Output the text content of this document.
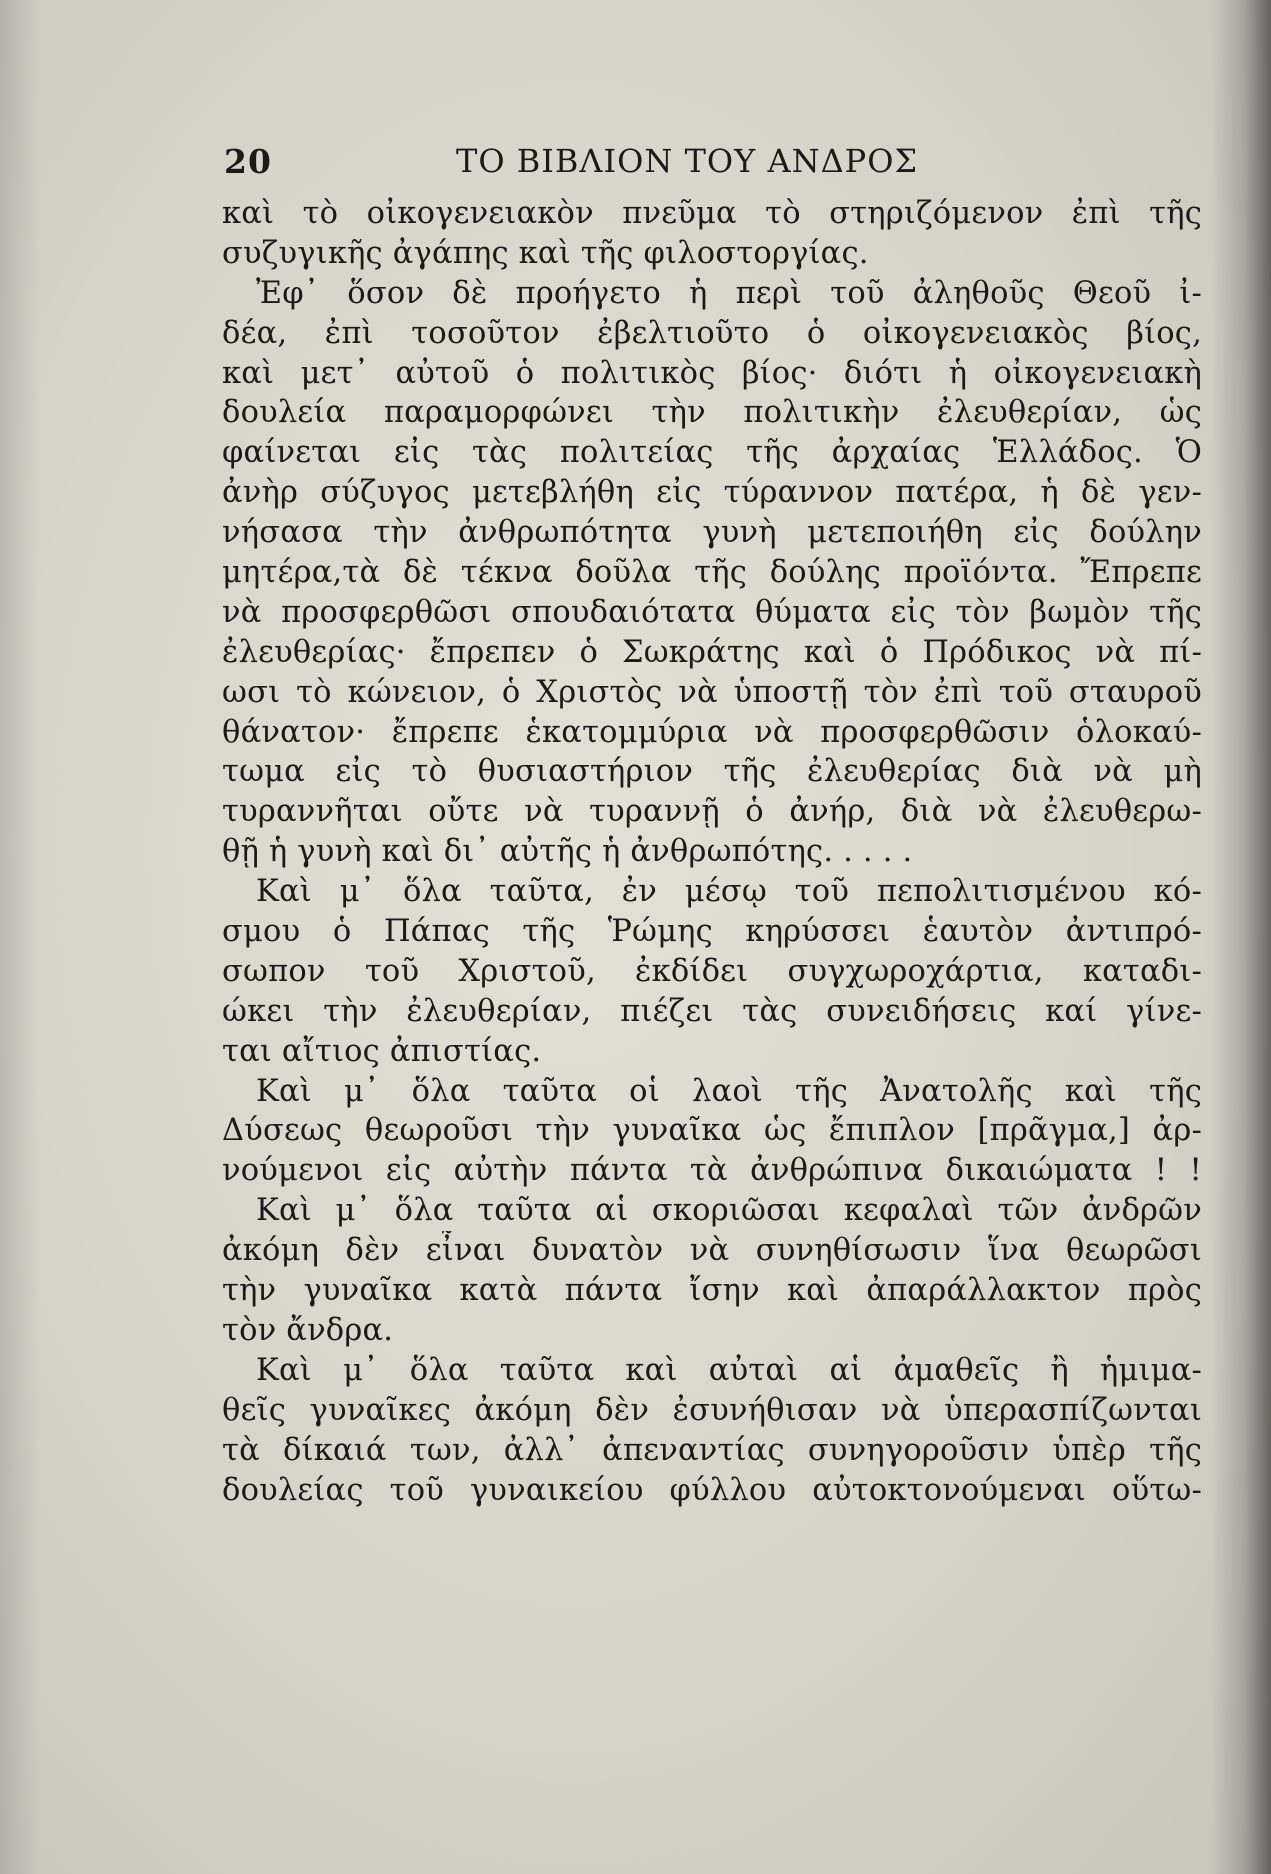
20	ΤΟ ΒΙΒΛΙΟΝ ΤΟΥ ΑΝΔΡΟΣ
καὶ τὸ οἰκογενειακὸν πνεῦμα τὸ στηριζόμενον ἐπὶ τῆς
συζυγικῆς ἀγάπης καὶ τῆς φιλοστοργίας.
Ἐφ᾽ ὅσον δὲ προήγετο ἡ περὶ τοῦ ἀληθοῦς Θεοῦ ἰ-
δέα, ἐπὶ τοσοῦτον ἐβελτιοῦτο ὁ οἰκογενειακὸς βίος,
καὶ μετ᾽ αὐτοῦ ὁ πολιτικὸς βίος· διότι ἡ οἰκογενειακὴ
δουλεία παραμορφώνει τὴν πολιτικὴν ἐλευθερίαν, ὡς
φαίνεται εἰς τὰς πολιτείας τῆς ἀρχαίας Ἑλλάδος. Ὁ
ἀνὴρ σύζυγος μετεβλήθη εἰς τύραννον πατέρα, ἡ δὲ γεν-
νήσασα τὴν ἀνθρωπότητα γυνὴ μετεποιήθη εἰς δούλην
μητέρα,τὰ δὲ τέκνα δοῦλα τῆς δούλης προϊόντα. Ἔπρεπε
νὰ προσφερθῶσι σπουδαιότατα θύματα εἰς τὸν βωμὸν τῆς
ἐλευθερίας· ἔπρεπεν ὁ Σωκράτης καὶ ὁ Πρόδικος νὰ πί-
ωσι τὸ κώνειον, ὁ Χριστὸς νὰ ὑποστῇ τὸν ἐπὶ τοῦ σταυροῦ
θάνατον· ἔπρεπε ἑκατομμύρια νὰ προσφερθῶσιν ὁλοκαύ-
τωμα εἰς τὸ θυσιαστήριον τῆς ἐλευθερίας διὰ νὰ μὴ
τυραννῆται οὔτε νὰ τυραννῇ ὁ ἀνήρ, διὰ νὰ ἐλευθερω-
θῇ ἡ γυνὴ καὶ δι᾽ αὐτῆς ἡ ἀνθρωπότης. . . . .
Καὶ μ᾽ ὅλα ταῦτα, ἐν μέσῳ τοῦ πεπολιτισμένου κό-
σμου ὁ Πάπας τῆς Ῥώμης κηρύσσει ἑαυτὸν ἀντιπρό-
σωπον τοῦ Χριστοῦ, ἐκδίδει συγχωροχάρτια, καταδι-
ώκει τὴν ἐλευθερίαν, πιέζει τὰς συνειδήσεις καί γίνε-
ται αἴτιος ἀπιστίας.
Καὶ μ᾽ ὅλα ταῦτα οἱ λαοὶ τῆς Ἀνατολῆς καὶ τῆς
Δύσεως θεωροῦσι τὴν γυναῖκα ὡς ἔπιπλον [πρᾶγμα,] ἀρ-
νούμενοι εἰς αὐτὴν πάντα τὰ ἀνθρώπινα δικαιώματα ! !
Καὶ μ᾽ ὅλα ταῦτα αἱ σκοριῶσαι κεφαλαὶ τῶν ἀνδρῶν
ἀκόμη δὲν εἶναι δυνατὸν νὰ συνηθίσωσιν ἵνα θεωρῶσι
τὴν γυναῖκα κατὰ πάντα ἴσην καὶ ἀπαράλλακτον πρὸς
τὸν ἄνδρα.
Καὶ μ᾽ ὅλα ταῦτα καὶ αὐταὶ αἱ ἀμαθεῖς ἢ ἡμιμα-
θεῖς γυναῖκες ἀκόμη δὲν ἐσυνήθισαν νὰ ὑπερασπίζωνται
τὰ δίκαιά των, ἀλλ᾽ ἀπεναντίας συνηγοροῦσιν ὑπὲρ τῆς
δουλείας τοῦ γυναικείου φύλλου αὐτοκτονούμεναι οὕτω-
